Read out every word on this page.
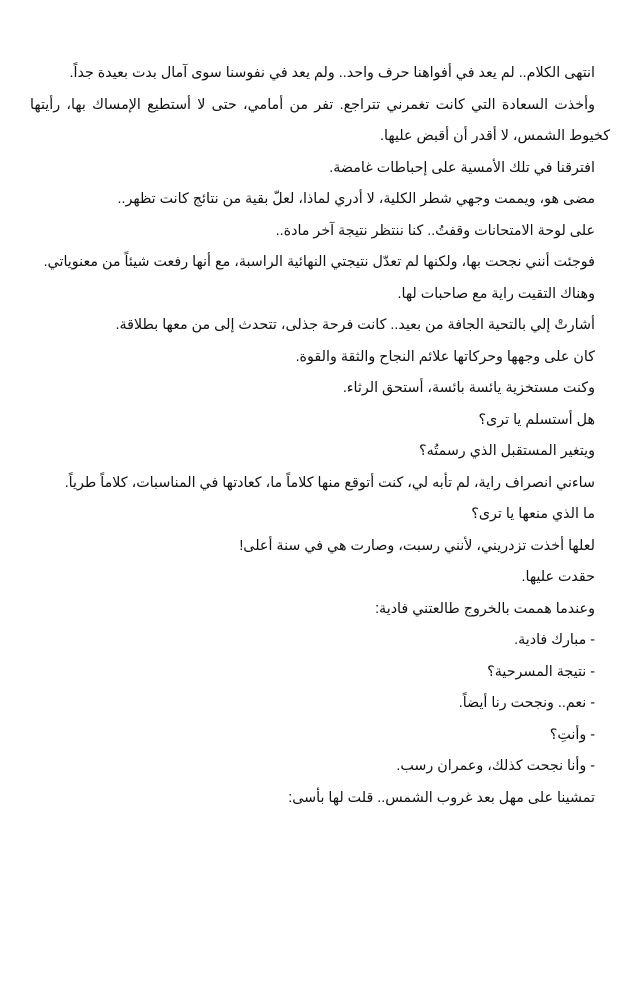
انتهى الكلام.. لم يعد في أفواهنا حرف واحد.. ولم يعد في نفوسنا سوى آمال بدت بعيدة جداً.

وأخذت السعادة التي كانت تغمرني تتراجع. تفر من أمامي، حتى لا أستطيع الإمساك بها، رأيتها كخيوط الشمس، لا أقدر أن أقبض عليها.

افترقنا في تلك الأمسية على إحباطات غامضة.

مضى هو، ويممت وجهي شطر الكلية، لا أدري لماذا، لعلّ بقية من نتائج كانت تظهر..

على لوحة الامتحانات وقفتُ.. كنا ننتظر نتيجة آخر مادة..

فوجئت أنني نجحت بها، ولكنها لم تعدّل نتيجتي النهائية الراسبة، مع أنها رفعت شيئاً من معنوياتي.

وهناك التقيت راية مع صاحبات لها.

أشارتْ إلي بالتحية الجافة من بعيد.. كانت فرحة جذلى، تتحدث إلى من معها بطلاقة.

كان على وجهها وحركاتها علائم النجاح والثقة والقوة.

وكنت مستخزية يائسة بائسة، أستحق الرثاء.

هل أستسلم يا ترى؟

ويتغير المستقبل الذي رسمتُه؟

ساءني انصراف راية، لم تأبه لي، كنت أتوقع منها كلاماً ما، كعادتها في المناسبات، كلاماً طرياً.

ما الذي منعها يا ترى؟

لعلها أخذت تزدريني، لأنني رسبت، وصارت هي في سنة أعلى!

حقدت عليها.

وعندما هممت بالخروج طالعتني فادية:

- مبارك فادية.

- نتيجة المسرحية؟

- نعم.. ونجحت رنا أيضاً.

- وأنتِ؟

- وأنا نجحت كذلك، وعمران رسب.

تمشينا على مهل بعد غروب الشمس.. قلت لها بأسى:
